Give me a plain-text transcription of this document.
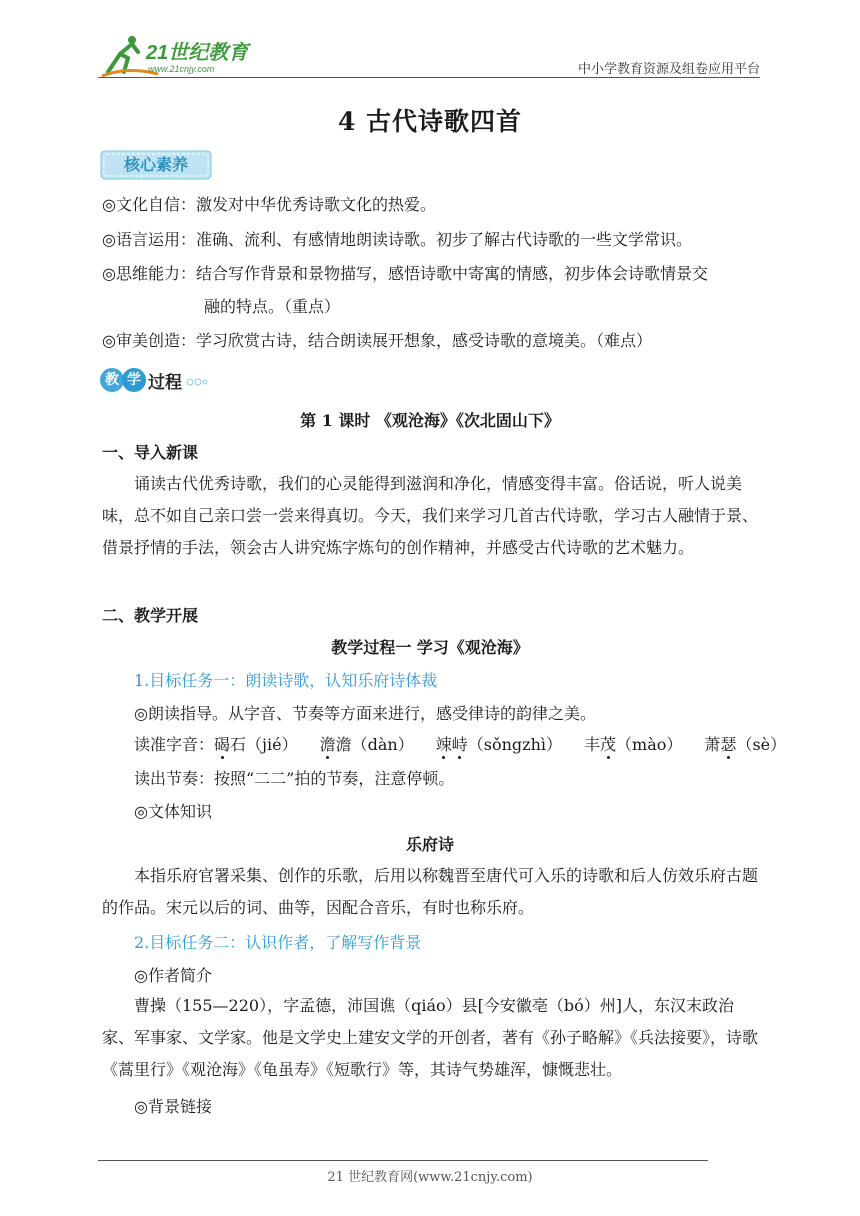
21世纪教育
www.21cnjy.com	中小学教育资源及组卷应用平台
4 古代诗歌四首
核心素养
◎文化自信：激发对中华优秀诗歌文化的热爱。
◎语言运用：准确、流利、有感情地朗读诗歌。初步了解古代诗歌的一些文学常识。
◎思维能力：结合写作背景和景物描写，感悟诗歌中寄寓的情感，初步体会诗歌情景交
融的特点。（重点）
◎审美创造：学习欣赏古诗，结合朗读展开想象，感受诗歌的意境美。（难点）
教 学 过程
第 1 课时 《观沧海》《次北固山下》
一、导入新课
诵读古代优秀诗歌，我们的心灵能得到滋润和净化，情感变得丰富。俗话说，听人说美味，总不如自己亲口尝一尝来得真切。今天，我们来学习几首古代诗歌，学习古人融情于景、借景抒情的手法，领会古人讲究炼字炼句的创作精神，并感受古代诗歌的艺术魅力。
二、教学开展
教学过程一 学习《观沧海》
1.目标任务一：朗读诗歌，认知乐府诗体裁
◎朗读指导。从字音、节奏等方面来进行，感受律诗的韵律之美。
读准字音：碣石（jié） 澹澹（dàn） 竦峙（sǒngzhì） 丰茂（mào） 萧瑟（sè）
读出节奏：按照“二二”拍的节奏，注意停顿。
◎文体知识
乐府诗
本指乐府官署采集、创作的乐歌，后用以称魏晋至唐代可入乐的诗歌和后人仿效乐府古题的作品。宋元以后的词、曲等，因配合音乐，有时也称乐府。
2.目标任务二：认识作者，了解写作背景
◎作者简介
曹操（155—220），字孟德，沛国谯（qiáo）县[今安徽亳（bó）州]人，东汉末政治家、军事家、文学家。他是文学史上建安文学的开创者，著有《孙子略解》《兵法接要》，诗歌《蒿里行》《观沧海》《龟虽寿》《短歌行》等，其诗气势雄浑，慷慨悲壮。
◎背景链接
21 世纪教育网(www.21cnjy.com)
